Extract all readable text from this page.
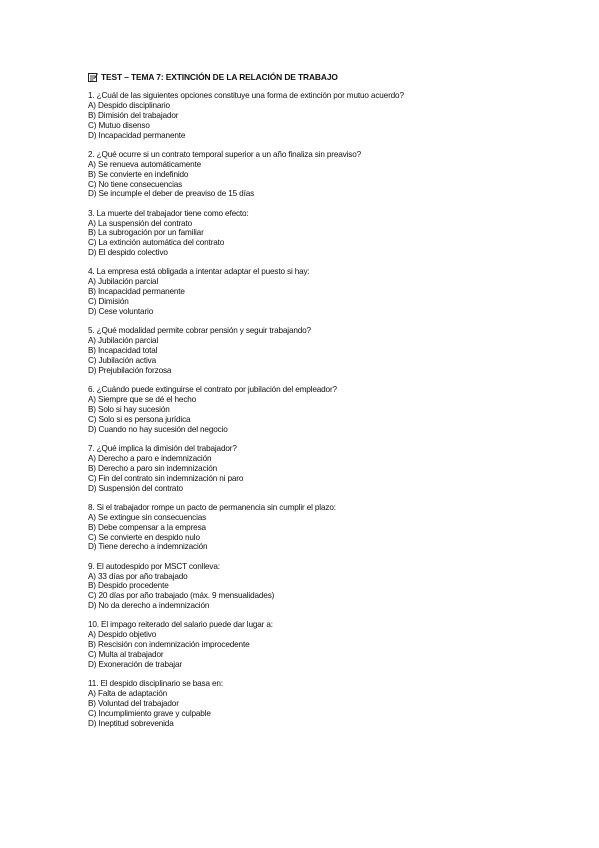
TEST – TEMA 7: EXTINCIÓN DE LA RELACIÓN DE TRABAJO
1. ¿Cuál de las siguientes opciones constituye una forma de extinción por mutuo acuerdo?
A) Despido disciplinario
B) Dimisión del trabajador
C) Mutuo disenso
D) Incapacidad permanente
2. ¿Qué ocurre si un contrato temporal superior a un año finaliza sin preaviso?
A) Se renueva automáticamente
B) Se convierte en indefinido
C) No tiene consecuencias
D) Se incumple el deber de preaviso de 15 días
3. La muerte del trabajador tiene como efecto:
A) La suspensión del contrato
B) La subrogación por un familiar
C) La extinción automática del contrato
D) El despido colectivo
4. La empresa está obligada a intentar adaptar el puesto si hay:
A) Jubilación parcial
B) Incapacidad permanente
C) Dimisión
D) Cese voluntario
5. ¿Qué modalidad permite cobrar pensión y seguir trabajando?
A) Jubilación parcial
B) Incapacidad total
C) Jubilación activa
D) Prejubilación forzosa
6. ¿Cuándo puede extinguirse el contrato por jubilación del empleador?
A) Siempre que se dé el hecho
B) Solo si hay sucesión
C) Solo si es persona jurídica
D) Cuando no hay sucesión del negocio
7. ¿Qué implica la dimisión del trabajador?
A) Derecho a paro e indemnización
B) Derecho a paro sin indemnización
C) Fin del contrato sin indemnización ni paro
D) Suspensión del contrato
8. Si el trabajador rompe un pacto de permanencia sin cumplir el plazo:
A) Se extingue sin consecuencias
B) Debe compensar a la empresa
C) Se convierte en despido nulo
D) Tiene derecho a indemnización
9. El autodespido por MSCT conlleva:
A) 33 días por año trabajado
B) Despido procedente
C) 20 días por año trabajado (máx. 9 mensualidades)
D) No da derecho a indemnización
10. El impago reiterado del salario puede dar lugar a:
A) Despido objetivo
B) Rescisión con indemnización improcedente
C) Multa al trabajador
D) Exoneración de trabajar
11. El despido disciplinario se basa en:
A) Falta de adaptación
B) Voluntad del trabajador
C) Incumplimiento grave y culpable
D) Ineptitud sobrevenida
